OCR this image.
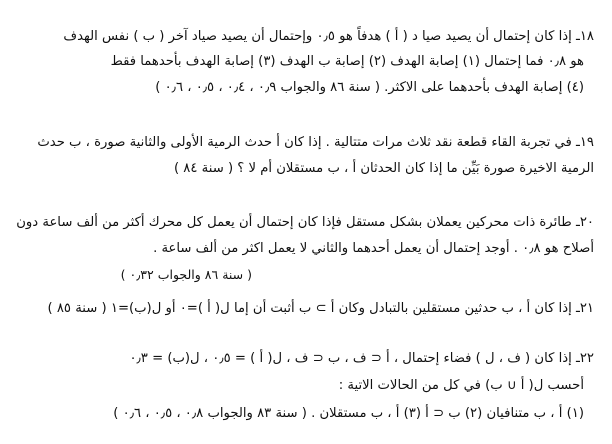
١٨ـ إذا كان إحتمال أن يصيد صيا د ( أ ) هدفاً هو ٠٫٥ وإحتمال أن يصيد صياد آخر ( ب ) نفس الهدف
هو ٠٫٨ فما إحتمال (١) إصابة الهدف (٢) إصابة ب الهدف (٣) إصابة الهدف بأحدهما فقط
(٤) إصابة الهدف بأحدهما على الاكثر. ( سنة ٨٦ والجواب ٠٫٩ ، ٠٫٤ ، ٠٫٥ ، ٠٫٦ )
١٩ـ في تجربة القاء قطعة نقد ثلاث مرات متتالية . إذا كان أ حدث الرمية الأولى والثانية صورة ، ب حدث
الرمية الاخيرة صورة بَيِّن ما إذا كان الحدثان أ ، ب مستقلان أم لا ؟ ( سنة ٨٤ )
٢٠ـ طائرة ذات محركين يعملان بشكل مستقل فإذا كان إحتمال أن يعمل كل محرك أكثر من ألف ساعة دون
أصلاح هو ٠٫٨ . أوجد إحتمال أن يعمل أحدهما والثاني لا يعمل اكثر من ألف ساعة .
( سنة ٨٦ والجواب ٠٫٣٢ )
٢١ـ إذا كان أ ، ب حدثين مستقلين بالتبادل وكان أ ⊃ ب أثبت أن إما ل( أ )=٠ أو ل(ب)=١ ( سنة ٨٥ )
٢٢ـ إذا كان ( ف ، ل ) فضاء إحتمال ، أ ⊂ ف ، ب ⊂ ف ، ل( أ ) = ٠٫٥ ، ل(ب) = ٠٫٣
أحسب ل( أ ∪ ب) في كل من الحالات الاتية :
(١) أ ، ب متنافيان (٢) ب ⊂ أ (٣) أ ، ب مستقلان . ( سنة ٨٣ والجواب ٠٫٨ ، ٠٫٥ ، ٠٫٦ )
